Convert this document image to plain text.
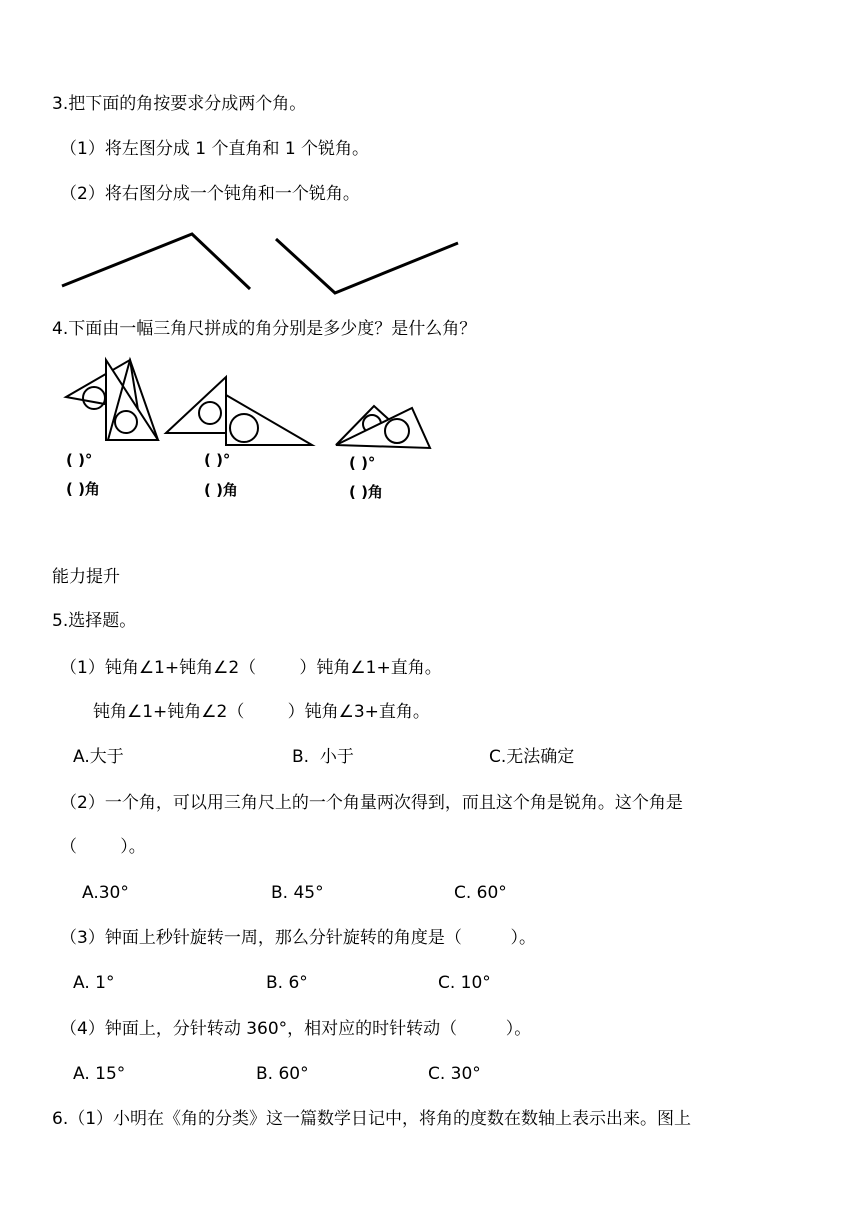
3.把下面的角按要求分成两个角。
（1）将左图分成 1 个直角和 1 个锐角。
（2）将右图分成一个钝角和一个锐角。
4.下面由一幅三角尺拼成的角分别是多少度？是什么角？
( )°
( )角
( )°
( )角
( )°
( )角
能力提升
5.选择题。
（1）钝角∠1+钝角∠2（        ）钝角∠1+直角。
钝角∠1+钝角∠2（        ）钝角∠3+直角。
A.大于	B.  小于	C.无法确定
（2）一个角，可以用三角尺上的一个角量两次得到，而且这个角是锐角。这个角是
（        ）。
A.30°	B. 45°	C. 60°
（3）钟面上秒针旋转一周，那么分针旋转的角度是（         ）。
A. 1°	B. 6°	C. 10°
（4）钟面上，分针转动 360°，相对应的时针转动（         ）。
A. 15°	B. 60°	C. 30°
6.（1）小明在《角的分类》这一篇数学日记中，将角的度数在数轴上表示出来。图上
